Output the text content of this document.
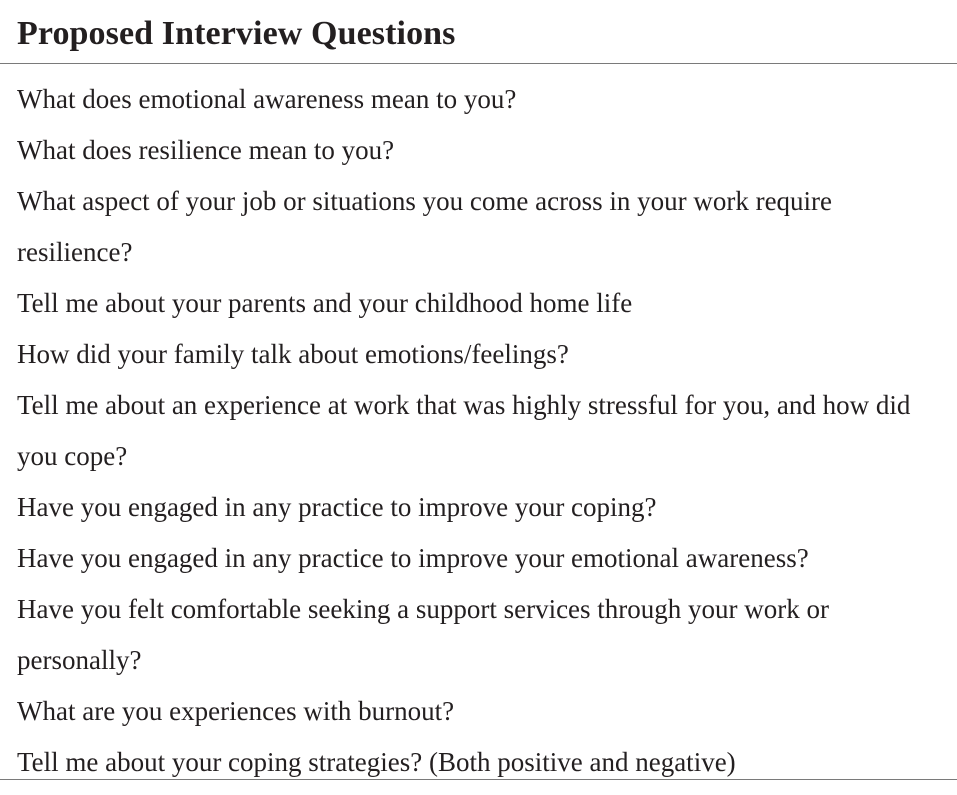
Proposed Interview Questions
What does emotional awareness mean to you?
What does resilience mean to you?
What aspect of your job or situations you come across in your work require resilience?
Tell me about your parents and your childhood home life
How did your family talk about emotions/feelings?
Tell me about an experience at work that was highly stressful for you, and how did you cope?
Have you engaged in any practice to improve your coping?
Have you engaged in any practice to improve your emotional awareness?
Have you felt comfortable seeking a support services through your work or personally?
What are you experiences with burnout?
Tell me about your coping strategies? (Both positive and negative)
